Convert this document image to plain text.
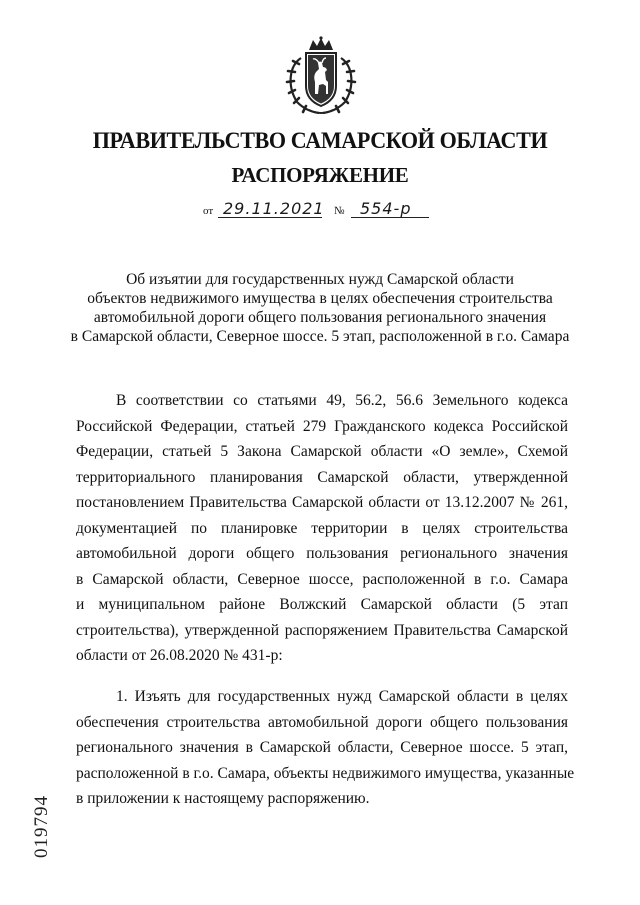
ПРАВИТЕЛЬСТВО САМАРСКОЙ ОБЛАСТИ
РАСПОРЯЖЕНИЕ
от 29.11.2021 № 554-р
Об изъятии для государственных нужд Самарской области
объектов недвижимого имущества в целях обеспечения строительства
автомобильной дороги общего пользования регионального значения
в Самарской области, Северное шоссе. 5 этап, расположенной в г.о. Самара
В соответствии со статьями 49, 56.2, 56.6 Земельного кодекса
Российской Федерации, статьей 279 Гражданского кодекса Российской
Федерации, статьей 5 Закона Самарской области «О земле», Схемой
территориального планирования Самарской области, утвержденной
постановлением Правительства Самарской области от 13.12.2007 № 261,
документацией по планировке территории в целях строительства
автомобильной дороги общего пользования регионального значения
в Самарской области, Северное шоссе, расположенной в г.о. Самара
и муниципальном районе Волжский Самарской области (5 этап
строительства), утвержденной распоряжением Правительства Самарской
области от 26.08.2020 № 431-р:
1. Изъять для государственных нужд Самарской области в целях
обеспечения строительства автомобильной дороги общего пользования
регионального значения в Самарской области, Северное шоссе. 5 этап,
расположенной в г.о. Самара, объекты недвижимого имущества, указанные
в приложении к настоящему распоряжению.
019794
